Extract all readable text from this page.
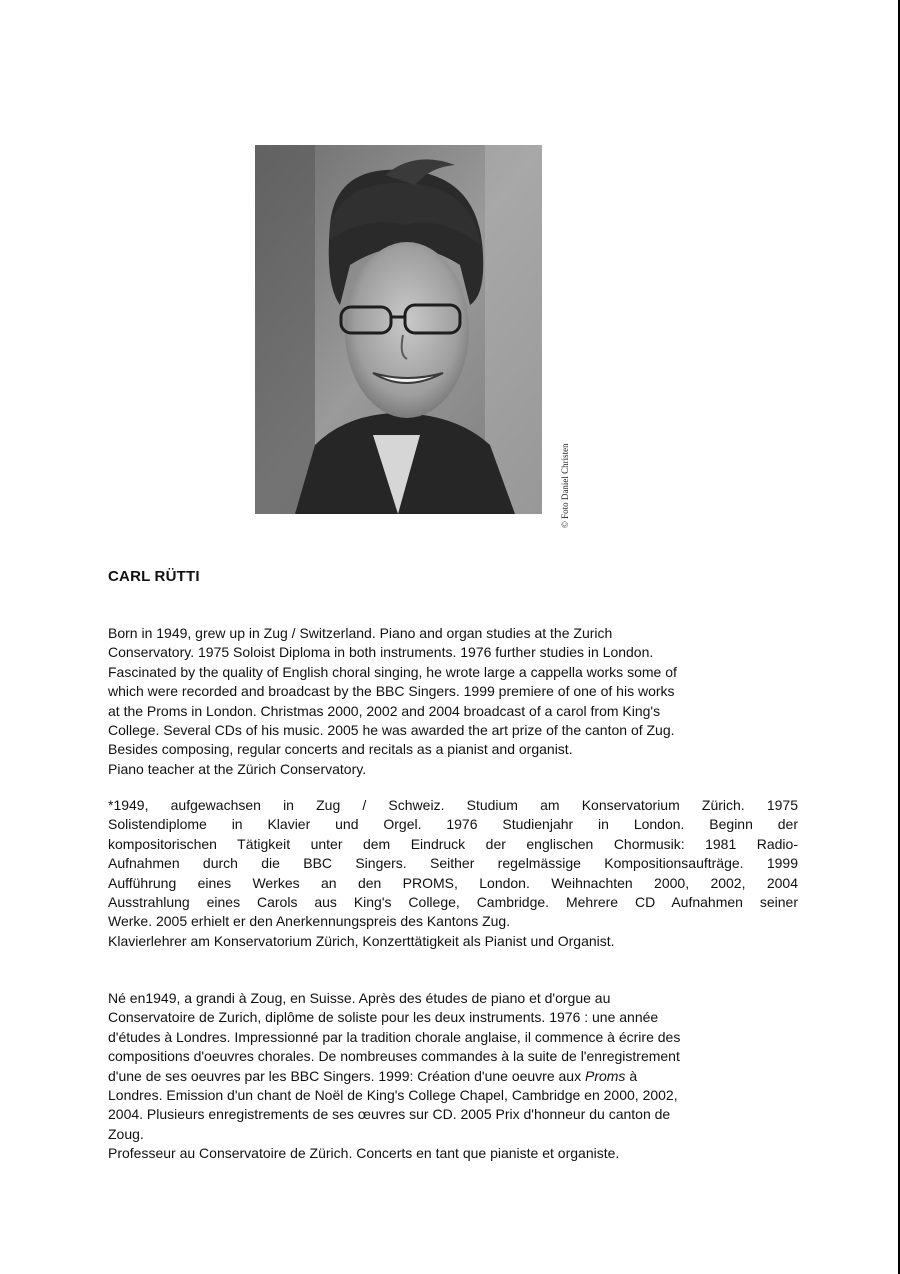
© Foto Daniel Christen
CARL RÜTTI

Born in 1949, grew up in Zug / Switzerland. Piano and organ studies at the Zurich
Conservatory. 1975 Soloist Diploma in both instruments. 1976 further studies in London.
Fascinated by the quality of English choral singing, he wrote large a cappella works some of
which were recorded and broadcast by the BBC Singers. 1999 premiere of one of his works
at the Proms in London. Christmas 2000, 2002 and 2004 broadcast of a carol from King's
College. Several CDs of his music. 2005 he was awarded the art prize of the canton of Zug.
Besides composing, regular concerts and recitals as a pianist and organist.
Piano teacher at the Zürich Conservatory.

*1949, aufgewachsen in Zug / Schweiz. Studium am Konservatorium Zürich. 1975
Solistendiplome in Klavier und Orgel. 1976 Studienjahr in London. Beginn der
kompositorischen Tätigkeit unter dem Eindruck der englischen Chormusik: 1981 Radio-
Aufnahmen durch die BBC Singers. Seither regelmässige Kompositionsaufträge. 1999
Aufführung eines Werkes an den PROMS, London. Weihnachten 2000, 2002, 2004
Ausstrahlung eines Carols aus King's College, Cambridge. Mehrere CD Aufnahmen seiner
Werke. 2005 erhielt er den Anerkennungspreis des Kantons Zug.
Klavierlehrer am Konservatorium Zürich, Konzerttätigkeit als Pianist und Organist.

Né en1949, a grandi à Zoug, en Suisse. Après des études de piano et d'orgue au
Conservatoire de Zurich, diplôme de soliste pour les deux instruments. 1976 : une année
d'études à Londres. Impressionné par la tradition chorale anglaise, il commence à écrire des
compositions d'oeuvres chorales. De nombreuses commandes à la suite de l'enregistrement
d'une de ses oeuvres par les BBC Singers. 1999: Création d'une oeuvre aux Proms à
Londres. Emission d'un chant de Noël de King's College Chapel, Cambridge en 2000, 2002,
2004. Plusieurs enregistrements de ses œuvres sur CD. 2005 Prix d'honneur du canton de
Zoug.
Professeur au Conservatoire de Zürich. Concerts en tant que pianiste et organiste.
